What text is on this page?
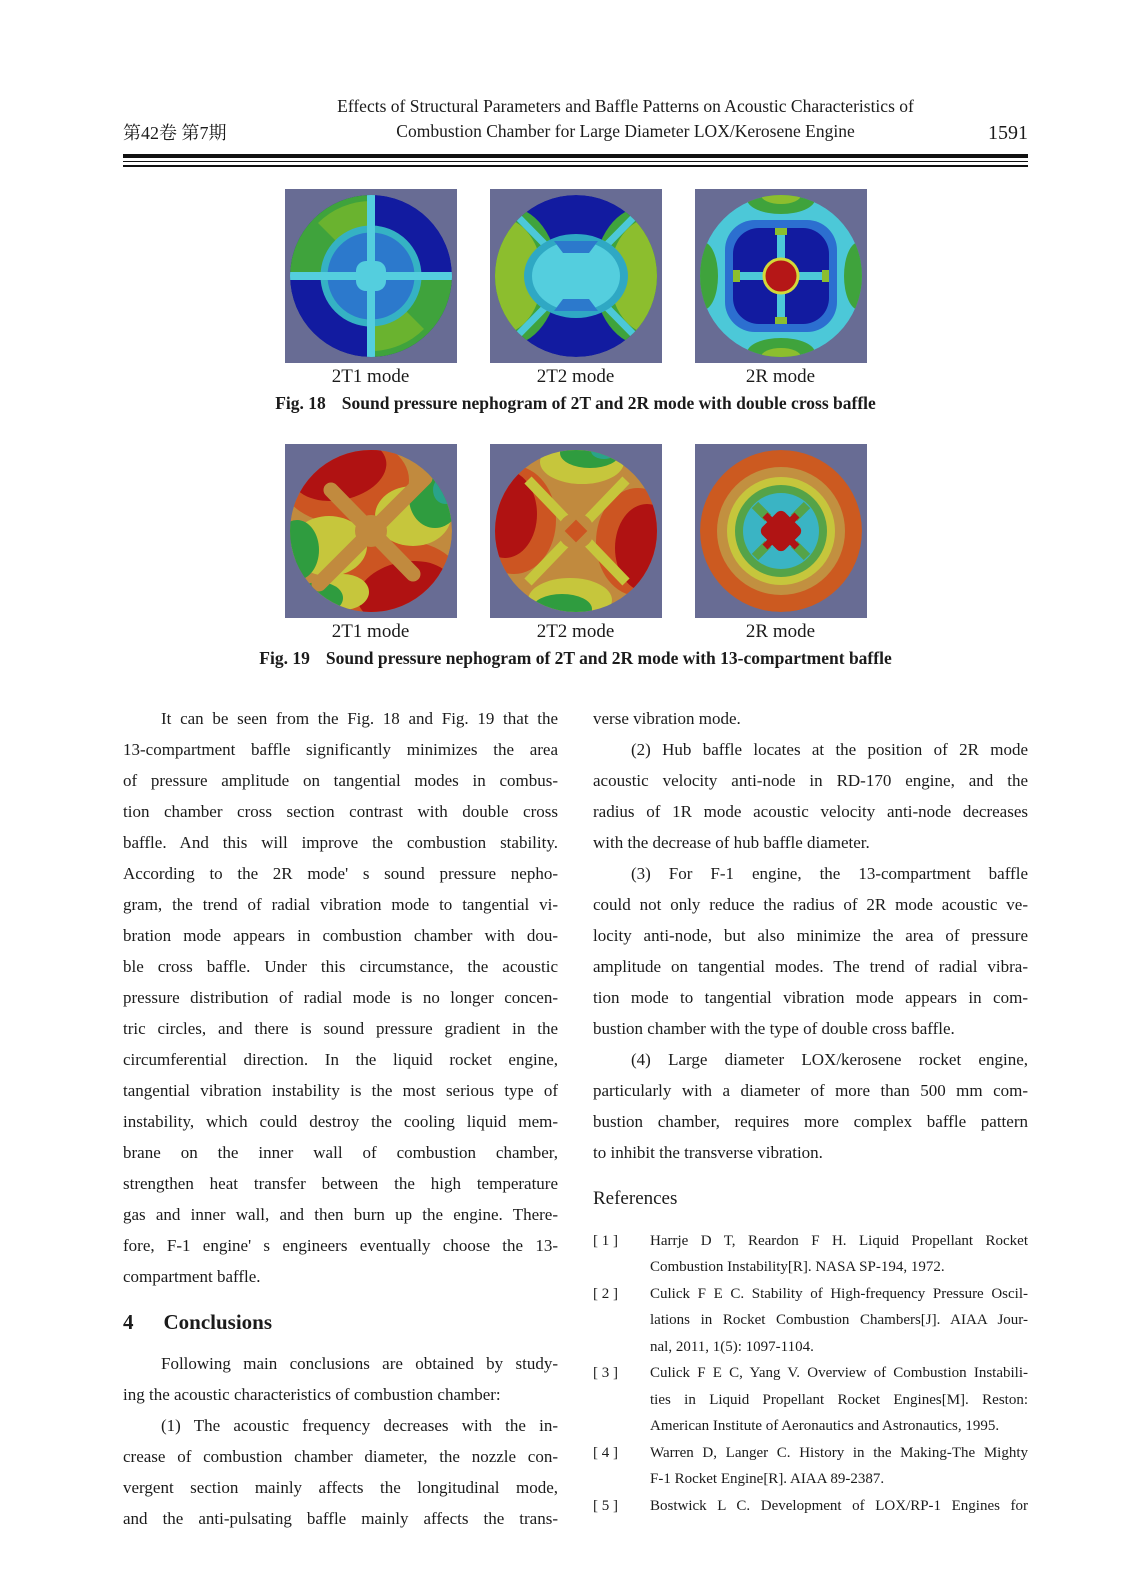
第42卷 第7期
Effects of Structural Parameters and Baffle Patterns on Acoustic Characteristics of
Combustion Chamber for Large Diameter LOX/Kerosene Engine	1591
2T1 mode	2T2 mode	2R mode
Fig. 18 Sound pressure nephogram of 2T and 2R mode with double cross baffle
2T1 mode	2T2 mode	2R mode
Fig. 19 Sound pressure nephogram of 2T and 2R mode with 13-compartment baffle
It can be seen from the Fig. 18 and Fig. 19 that the
13-compartment baffle significantly minimizes the area
of pressure amplitude on tangential modes in combus-
tion chamber cross section contrast with double cross
baffle. And this will improve the combustion stability.
According to the 2R mode' s sound pressure nepho-
gram, the trend of radial vibration mode to tangential vi-
bration mode appears in combustion chamber with dou-
ble cross baffle. Under this circumstance, the acoustic
pressure distribution of radial mode is no longer concen-
tric circles, and there is sound pressure gradient in the
circumferential direction. In the liquid rocket engine,
tangential vibration instability is the most serious type of
instability, which could destroy the cooling liquid mem-
brane on the inner wall of combustion chamber,
strengthen heat transfer between the high temperature
gas and inner wall, and then burn up the engine. There-
fore, F-1 engine' s engineers eventually choose the 13-
compartment baffle.
4 Conclusions
Following main conclusions are obtained by study-
ing the acoustic characteristics of combustion chamber:
(1) The acoustic frequency decreases with the in-
crease of combustion chamber diameter, the nozzle con-
vergent section mainly affects the longitudinal mode,
and the anti-pulsating baffle mainly affects the trans-
verse vibration mode.
(2) Hub baffle locates at the position of 2R mode
acoustic velocity anti-node in RD-170 engine, and the
radius of 1R mode acoustic velocity anti-node decreases
with the decrease of hub baffle diameter.
(3) For F-1 engine, the 13-compartment baffle
could not only reduce the radius of 2R mode acoustic ve-
locity anti-node, but also minimize the area of pressure
amplitude on tangential modes. The trend of radial vibra-
tion mode to tangential vibration mode appears in com-
bustion chamber with the type of double cross baffle.
(4) Large diameter LOX/kerosene rocket engine,
particularly with a diameter of more than 500 mm com-
bustion chamber, requires more complex baffle pattern
to inhibit the transverse vibration.
References
[ 1 ] Harrje D T, Reardon F H. Liquid Propellant Rocket
Combustion Instability[R]. NASA SP-194, 1972.
[ 2 ] Culick F E C. Stability of High-frequency Pressure Oscil-
lations in Rocket Combustion Chambers[J]. AIAA Jour-
nal, 2011, 1(5): 1097-1104.
[ 3 ] Culick F E C, Yang V. Overview of Combustion Instabili-
ties in Liquid Propellant Rocket Engines[M]. Reston:
American Institute of Aeronautics and Astronautics, 1995.
[ 4 ] Warren D, Langer C. History in the Making-The Mighty
F-1 Rocket Engine[R]. AIAA 89-2387.
[ 5 ] Bostwick L C. Development of LOX/RP-1 Engines for
